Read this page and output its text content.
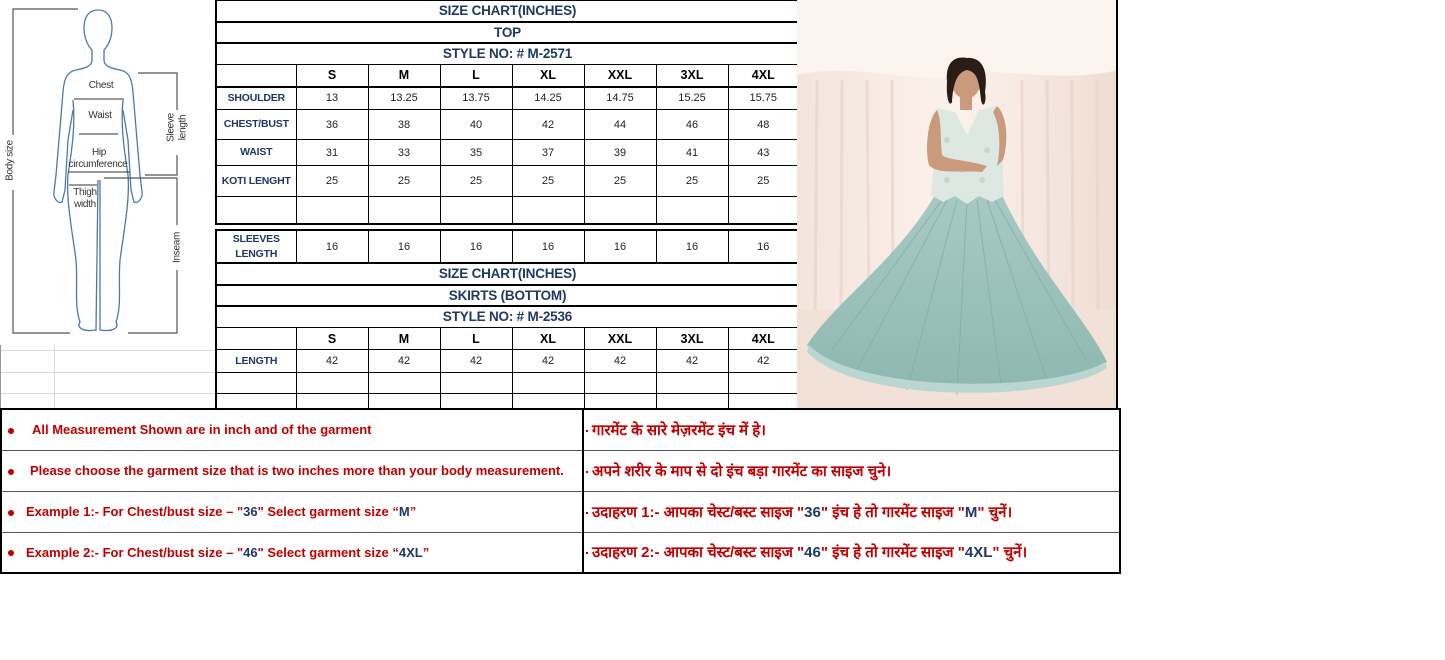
Chest
Waist
Hip
circumference
Thigh
width
Body size
Sleeve length
Inseam
SIZE CHART(INCHES)							
TOP							
STYLE NO: # M-2571							
	S	M	L	XL	XXL	3XL	4XL
SHOULDER	13	13.25	13.75	14.25	14.75	15.25	15.75
CHEST/BUST	36	38	40	42	44	46	48
WAIST	31	33	35	37	39	41	43
KOTI LENGHT	25	25	25	25	25	25	25

SLEEVES
LENGTH	16	16	16	16	16	16	16
SIZE CHART(INCHES)							
SKIRTS (BOTTOM)							
STYLE NO: # M-2536							
	S	M	L	XL	XXL	3XL	4XL
LENGTH	42	42	42	42	42	42	42

All Measurement Shown are in inch and of the garment	गारमेंट के सारे मेज़रमेंट इंच में हे।
Please choose the garment size that is two inches more than your body measurement.	अपने शरीर के माप से दो इंच बड़ा गारमेंट का साइज चुने।
Example 1:- For Chest/bust size – "36" Select garment size “M”	उदाहरण 1:- आपका चेस्ट/बस्ट साइज "36" इंच हे तो गारमेंट साइज "M" चुनें।
Example 2:- For Chest/bust size – "46" Select garment size “4XL”	उदाहरण 2:- आपका चेस्ट/बस्ट साइज "46" इंच हे तो गारमेंट साइज "4XL" चुनें।
